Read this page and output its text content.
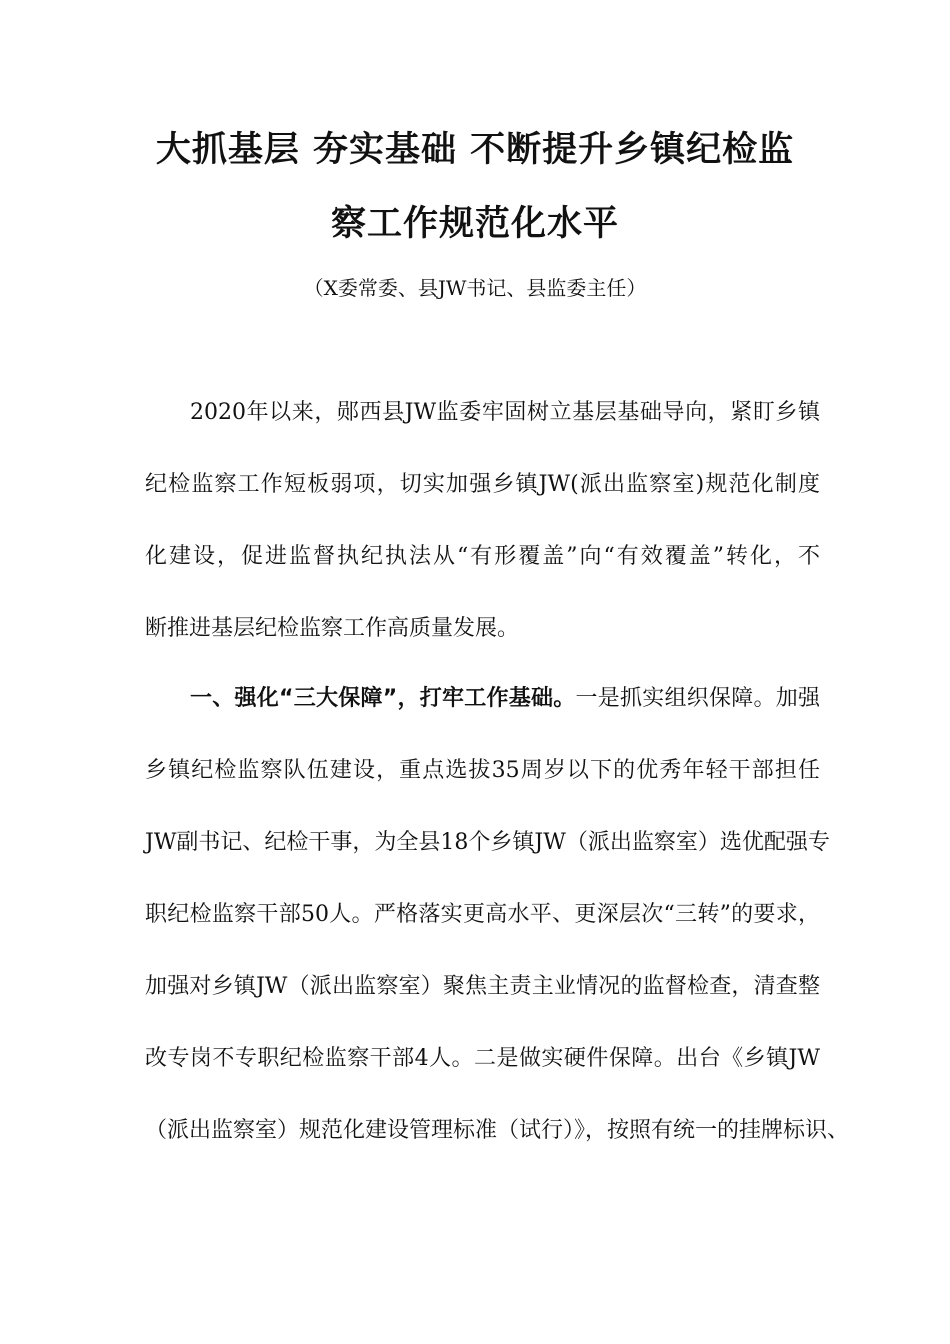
大抓基层 夯实基础 不断提升乡镇纪检监
察工作规范化水平
（X委常委、县JW书记、县监委主任）
2020年以来，郧西县JW监委牢固树立基层基础导向，紧盯乡镇
纪检监察工作短板弱项，切实加强乡镇JW(派出监察室)规范化制度
化建设，促进监督执纪执法从“有形覆盖”向“有效覆盖”转化，不
断推进基层纪检监察工作高质量发展。
一、强化“三大保障”，打牢工作基础。一是抓实组织保障。加强
乡镇纪检监察队伍建设，重点选拔35周岁以下的优秀年轻干部担任
JW副书记、纪检干事，为全县18个乡镇JW（派出监察室）选优配强专
职纪检监察干部50人。严格落实更高水平、更深层次“三转”的要求，
加强对乡镇JW（派出监察室）聚焦主责主业情况的监督检查，清查整
改专岗不专职纪检监察干部4人。二是做实硬件保障。出台《乡镇JW
（派出监察室）规范化建设管理标准（试行）》，按照有统一的挂牌标识、
